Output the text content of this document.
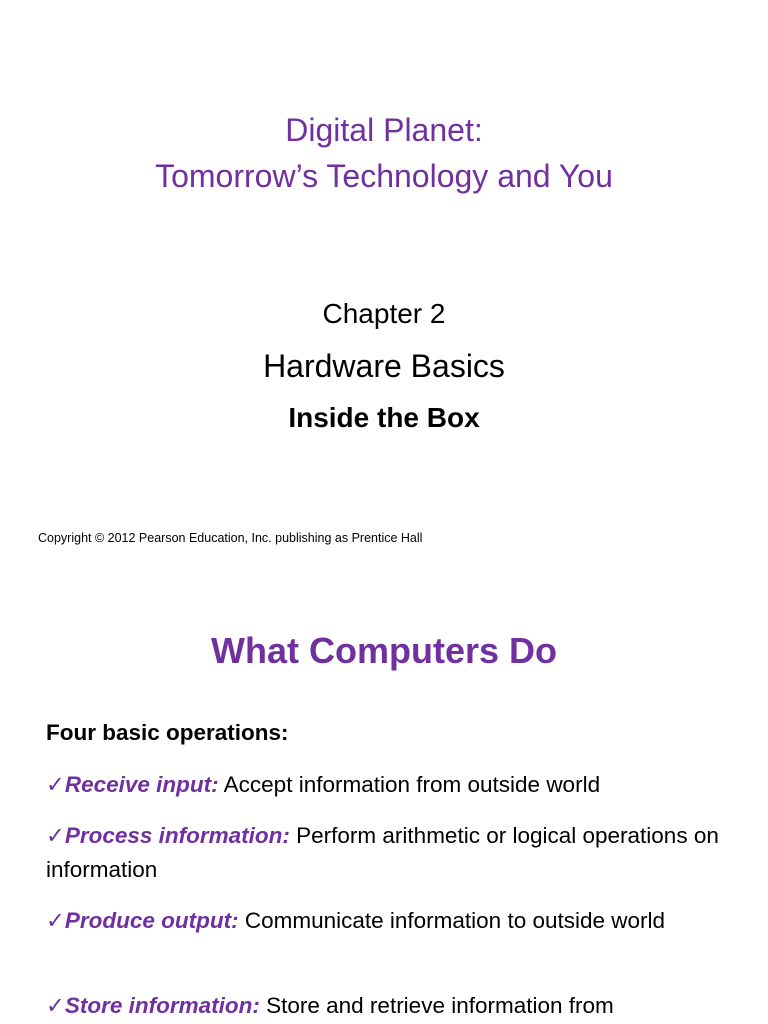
Digital Planet:
Tomorrow’s Technology and You
Chapter 2
Hardware Basics
Inside the Box
Copyright © 2012 Pearson Education, Inc. publishing as Prentice Hall
What Computers Do
Four basic operations:
✓Receive input: Accept information from outside world
✓Process information: Perform arithmetic or logical operations on information
✓Produce output: Communicate information to outside world
✓Store information: Store and retrieve information from
